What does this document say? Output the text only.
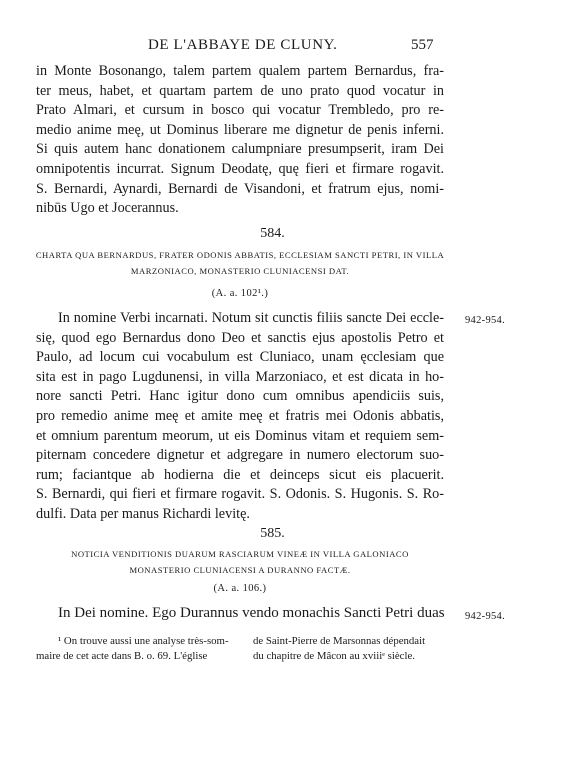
DE L'ABBAYE DE CLUNY.	557
in Monte Bosonango, talem partem qualem partem Bernardus, fra-
ter meus, habet, et quartam partem de uno prato quod vocatur in
Prato Almari, et cursum in bosco qui vocatur Trembledo, pro re-
medio anime meę, ut Dominus liberare me dignetur de penis inferni.
Si quis autem hanc donationem calumpniare presumpserit, iram Dei
omnipotentis incurrat. Signum Deodatę, quę fieri et firmare rogavit.
S. Bernardi, Aynardi, Bernardi de Visandoni, et fratrum ejus, nomi-
nibūs Ugo et Jocerannus.
584.
CHARTA QUA BERNARDUS, FRATER ODONIS ABBATIS, ECCLESIAM SANCTI PETRI, IN VILLA
MARZONIACO, MONASTERIO CLUNIACENSI DAT.
(A. a. 102¹.)
942-954.
In nomine Verbi incarnati. Notum sit cunctis filiis sancte Dei eccle-
się, quod ego Bernardus dono Deo et sanctis ejus apostolis Petro et
Paulo, ad locum cui vocabulum est Cluniaco, unam ęcclesiam que
sita est in pago Lugdunensi, in villa Marzoniaco, et est dicata in ho-
nore sancti Petri. Hanc igitur dono cum omnibus apendiciis suis,
pro remedio anime meę et amite meę et fratris mei Odonis abbatis,
et omnium parentum meorum, ut eis Dominus vitam et requiem sem-
piternam concedere dignetur et adgregare in numero electorum suo-
rum; faciantque ab hodierna die et deinceps sicut eis placuerit.
S. Bernardi, qui fieri et firmare rogavit. S. Odonis. S. Hugonis. S. Ro-
dulfi. Data per manus Richardi levitę.
585.
NOTICIA VENDITIONIS DUARUM RASCIARUM VINEÆ IN VILLA GALONIACO
MONASTERIO CLUNIACENSI A DURANNO FACTÆ.
(A. a. 106.)
942-954.
In Dei nomine. Ego Durannus vendo monachis Sancti Petri duas
¹ On trouve aussi une analyse très-som-
maire de cet acte dans B. o. 69. L'église
de Saint-Pierre de Marsonnas dépendait
du chapitre de Mâcon au xviiiᵉ siècle.
